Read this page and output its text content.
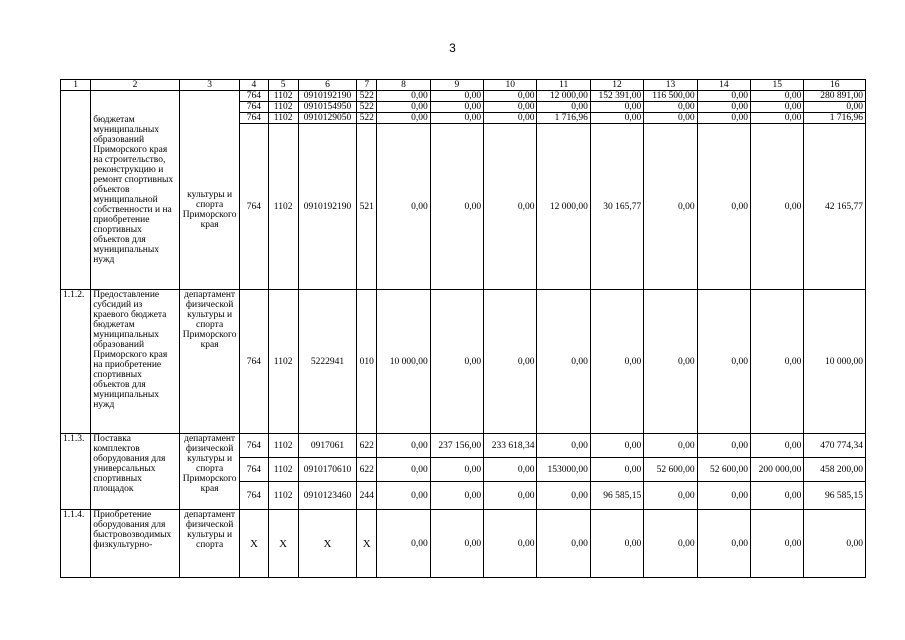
3
1	2	3	4	5	6	7	8	9	10	11	12	13	14	15	16
	бюджетам муниципальных образований Приморского края на строительство, реконструкцию и ремонт спортивных объектов муниципальной собственности и на приобретение спортивных объектов для муниципальных нужд	культуры и спорта Приморского края	764	1102	0910192190	522	0,00	0,00	0,00	12 000,00	152 391,00	116 500,00	0,00	0,00	280 891,00
			764	1102	0910154950	522	0,00	0,00	0,00	0,00	0,00	0,00	0,00	0,00	0,00
			764	1102	0910129050	522	0,00	0,00	0,00	1 716,96	0,00	0,00	0,00	0,00	1 716,96
			764	1102	0910192190	521	0,00	0,00	0,00	12 000,00	30 165,77	0,00	0,00	0,00	42 165,77
1.1.2.	Предоставление субсидий из краевого бюджета бюджетам муниципальных образований Приморского края на приобретение спортивных объектов для муниципальных нужд	департамент физической культуры и спорта Приморского края	764	1102	5222941	010	10 000,00	0,00	0,00	0,00	0,00	0,00	0,00	0,00	10 000,00
1.1.3.	Поставка комплектов оборудования для универсальных спортивных площадок	департамент физической культуры и спорта Приморского края	764	1102	0917061	622	0,00	237 156,00	233 618,34	0,00	0,00	0,00	0,00	0,00	470 774,34
			764	1102	0910170610	622	0,00	0,00	0,00	153000,00	0,00	52 600,00	52 600,00	200 000,00	458 200,00
			764	1102	0910123460	244	0,00	0,00	0,00	0,00	96 585,15	0,00	0,00	0,00	96 585,15
1.1.4.	Приобретение оборудования для быстровозводимых физкультурно-	департамент физической культуры и спорта	X	X	X	X	0,00	0,00	0,00	0,00	0,00	0,00	0,00	0,00	0,00
